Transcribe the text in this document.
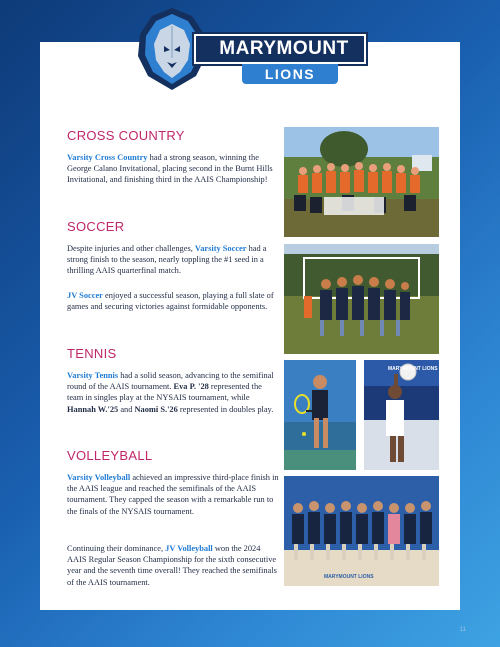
MARYMOUNT
LIONS
CROSS COUNTRY

Varsity Cross Country had a strong season, winning the George Calano Invitational, placing second in the Burnt Hills Invitational, and finishing third in the AAIS Championship!

SOCCER

Despite injuries and other challenges, Varsity Soccer had a strong finish to the season, nearly toppling the #1 seed in a thrilling AAIS quarterfinal match.

JV Soccer enjoyed a successful season, playing a full slate of games and securing victories against formidable opponents.

TENNIS

Varsity Tennis had a solid season, advancing to the semifinal round of the AAIS tournament. Eva P. '28 represented the team in singles play at the NYSAIS tournament, while Hannah W.'25 and Naomi S.'26 represented in doubles play.

VOLLEYBALL

Varsity Volleyball achieved an impressive third-place finish in the AAIS league and reached the semifinals of the AAIS tournament. They capped the season with a remarkable run to the finals of the NYSAIS tournament.

Continuing their dominance, JV Volleyball won the 2024 AAIS Regular Season Championship for the sixth consecutive year and the seventh time overall! They reached the semifinals of the AAIS tournament.

MARYMOUNT LIONS
MARYMOUNT LIONS
11
